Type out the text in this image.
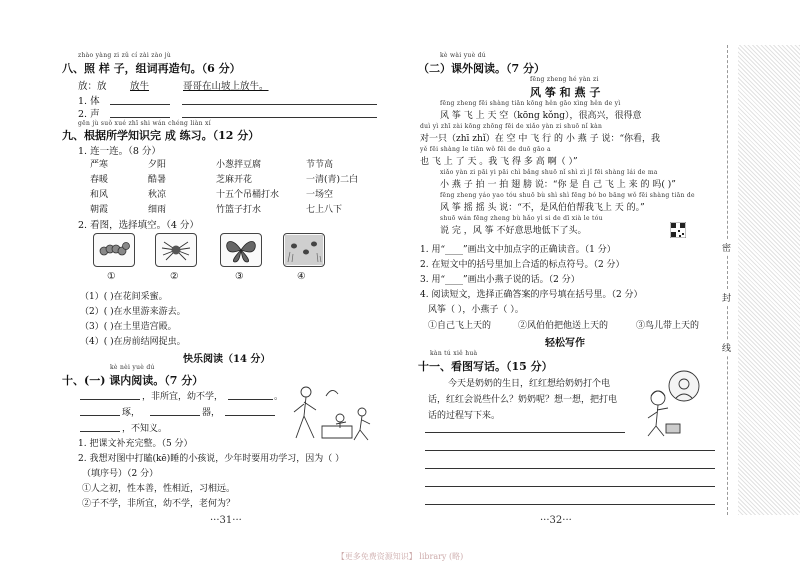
zhào yàng zi zǔ cí zài zào jù
八、照 样 子，组词再造句。（6 分）
放：放 放牛	哥哥在山坡上放牛。
1. 体
2. 声
gēn jù suǒ xué zhī shi wán chéng liàn xí
九、根据所学知识完 成 练习。（12 分）
1. 连一连。（8 分）
严寒	夕阳	小葱拌豆腐	节节高
春暖	酷暑	芝麻开花	一清(青)二白
和风	秋凉	十五个吊桶打水	一场空
朝霞	细雨	竹篮子打水	七上八下
2. 看图，选择填空。（4 分）
①	②	③	④
（1）( )在花间采蜜。
（2）( )在水里游来游去。
（3）( )在土里造宫殿。
（4）( )在房前结网捉虫。
快乐阅读（14 分）
kè nèi yuè dú
十、(一) 课内阅读。（7 分）
，非所宜，幼不学，	。
琢，	器，
，不知义。
1. 把课文补充完整。（5 分）
2. 我想对图中打瞌(kē)睡的小孩说，少年时要用功学习，因为（ ）
（填序号）（2 分）
①人之初，性本善，性相近，习相远。
②子不学，非所宜，幼不学，老何为？
···31···
kè wài yuè dú
（二）课外阅读。（7 分）
fēng zheng hé yàn zi
风 筝 和 燕 子
fēng zheng fēi shàng tiān kōng hěn gāo xìng hěn de yì
风 筝 飞 上 天 空（kōng kǒng），很高兴，很得意
duì yì zhī zài kōng zhōng fēi de xiǎo yàn zi shuō nǐ kàn
对一只（zhī zhǐ）在 空 中 飞 行 的 小 燕 子 说：“你看，我
yě fēi shàng le tiān wǒ fēi de duō gāo a
也 飞 上 了 天 。我 飞 得 多 高 啊（ ）”
xiǎo yàn zi pāi yi pāi chì bǎng shuō nǐ shì zì jǐ fēi shàng lái de ma
小 燕 子 拍 一 拍 翅 膀 说：“你 是 自 己 飞 上 来 的 吗( )”
fēng zheng yáo yao tóu shuō bù shì shì fēng bó bo bāng wǒ fēi shàng tiān de
风 筝 摇 摇 头 说：“不，是风伯伯帮我飞上 天 的。”
shuō wán fēng zheng bù hǎo yì si de dī xià le tóu
说 完 ，风 筝 不好意思地低下了头。
1. 用“____”画出文中加点字的正确读音。（1 分）
2. 在短文中的括号里加上合适的标点符号。（2 分）
3. 用“____”画出小燕子说的话。（2 分）
4. 阅读短文，选择正确答案的序号填在括号里。（2 分）
风筝（ ），小燕子（ ）。
①自己飞上天的	②风伯伯把他送上天的	③鸟儿带上天的
轻松写作
kàn tú xiě huà
十一、看图写话。（15 分）
今天是奶奶的生日，红红想给奶奶打个电
话，红红会说些什么？奶奶呢？想一想，把打电
话的过程写下来。
···32···
密
封
线
【更多免费资源知识】 library (略)
